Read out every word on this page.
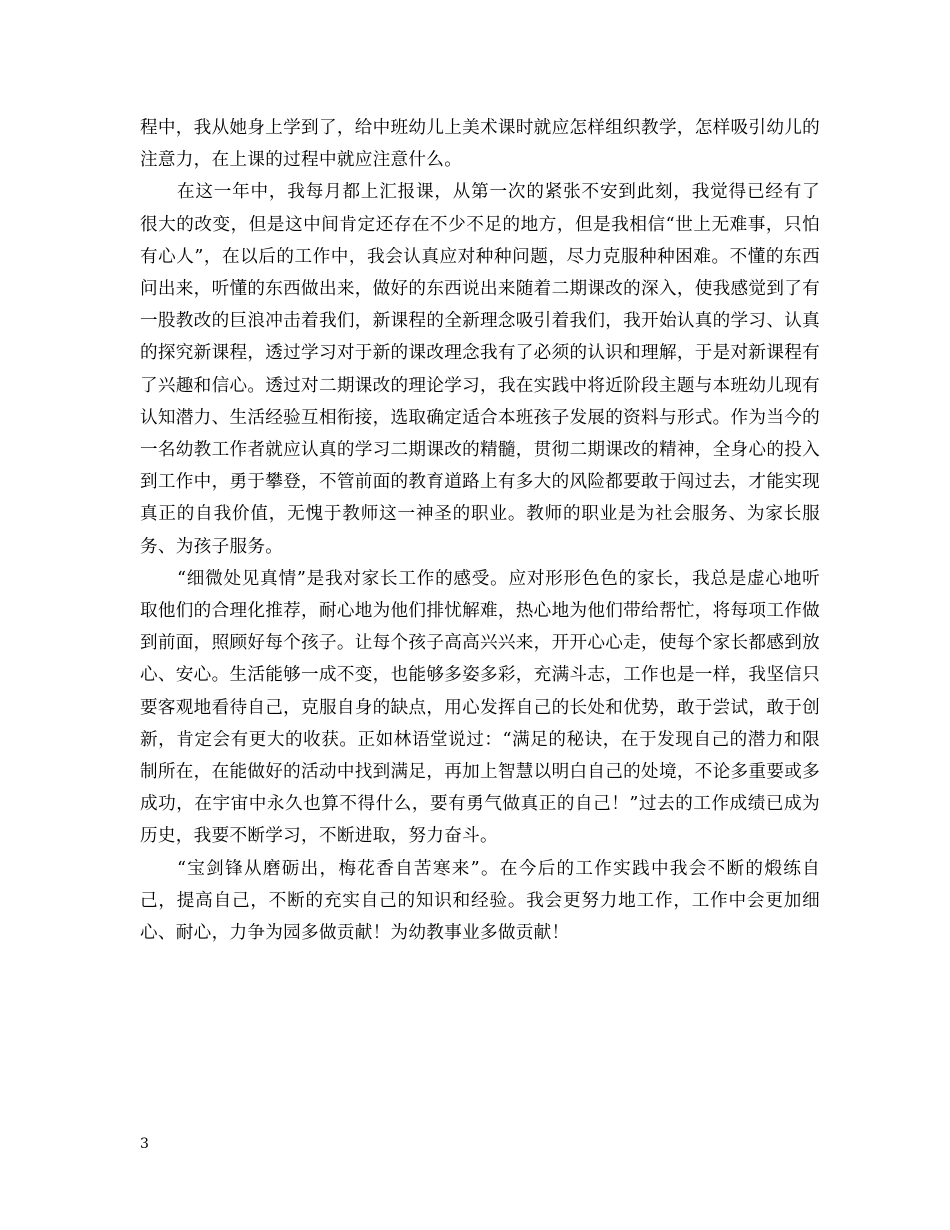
程中，我从她身上学到了，给中班幼儿上美术课时就应怎样组织教学，怎样吸引幼儿的注意力，在上课的过程中就应注意什么。

在这一年中，我每月都上汇报课，从第一次的紧张不安到此刻，我觉得已经有了很大的改变，但是这中间肯定还存在不少不足的地方，但是我相信“世上无难事，只怕有心人”，在以后的工作中，我会认真应对种种问题，尽力克服种种困难。不懂的东西问出来，听懂的东西做出来，做好的东西说出来随着二期课改的深入，使我感觉到了有一股教改的巨浪冲击着我们，新课程的全新理念吸引着我们，我开始认真的学习、认真的探究新课程，透过学习对于新的课改理念我有了必须的认识和理解，于是对新课程有了兴趣和信心。透过对二期课改的理论学习，我在实践中将近阶段主题与本班幼儿现有认知潜力、生活经验互相衔接，选取确定适合本班孩子发展的资料与形式。作为当今的一名幼教工作者就应认真的学习二期课改的精髓，贯彻二期课改的精神，全身心的投入到工作中，勇于攀登，不管前面的教育道路上有多大的风险都要敢于闯过去，才能实现真正的自我价值，无愧于教师这一神圣的职业。教师的职业是为社会服务、为家长服务、为孩子服务。

“细微处见真情”是我对家长工作的感受。应对形形色色的家长，我总是虚心地听取他们的合理化推荐，耐心地为他们排忧解难，热心地为他们带给帮忙，将每项工作做到前面，照顾好每个孩子。让每个孩子高高兴兴来，开开心心走，使每个家长都感到放心、安心。生活能够一成不变，也能够多姿多彩，充满斗志，工作也是一样，我坚信只要客观地看待自己，克服自身的缺点，用心发挥自己的长处和优势，敢于尝试，敢于创新，肯定会有更大的收获。正如林语堂说过：“满足的秘诀，在于发现自己的潜力和限制所在，在能做好的活动中找到满足，再加上智慧以明白自己的处境，不论多重要或多成功，在宇宙中永久也算不得什么，要有勇气做真正的自己！”过去的工作成绩已成为历史，我要不断学习，不断进取，努力奋斗。

“宝剑锋从磨砺出，梅花香自苦寒来”。在今后的工作实践中我会不断的煅练自己，提高自己，不断的充实自己的知识和经验。我会更努力地工作，工作中会更加细心、耐心，力争为园多做贡献！为幼教事业多做贡献！

3
